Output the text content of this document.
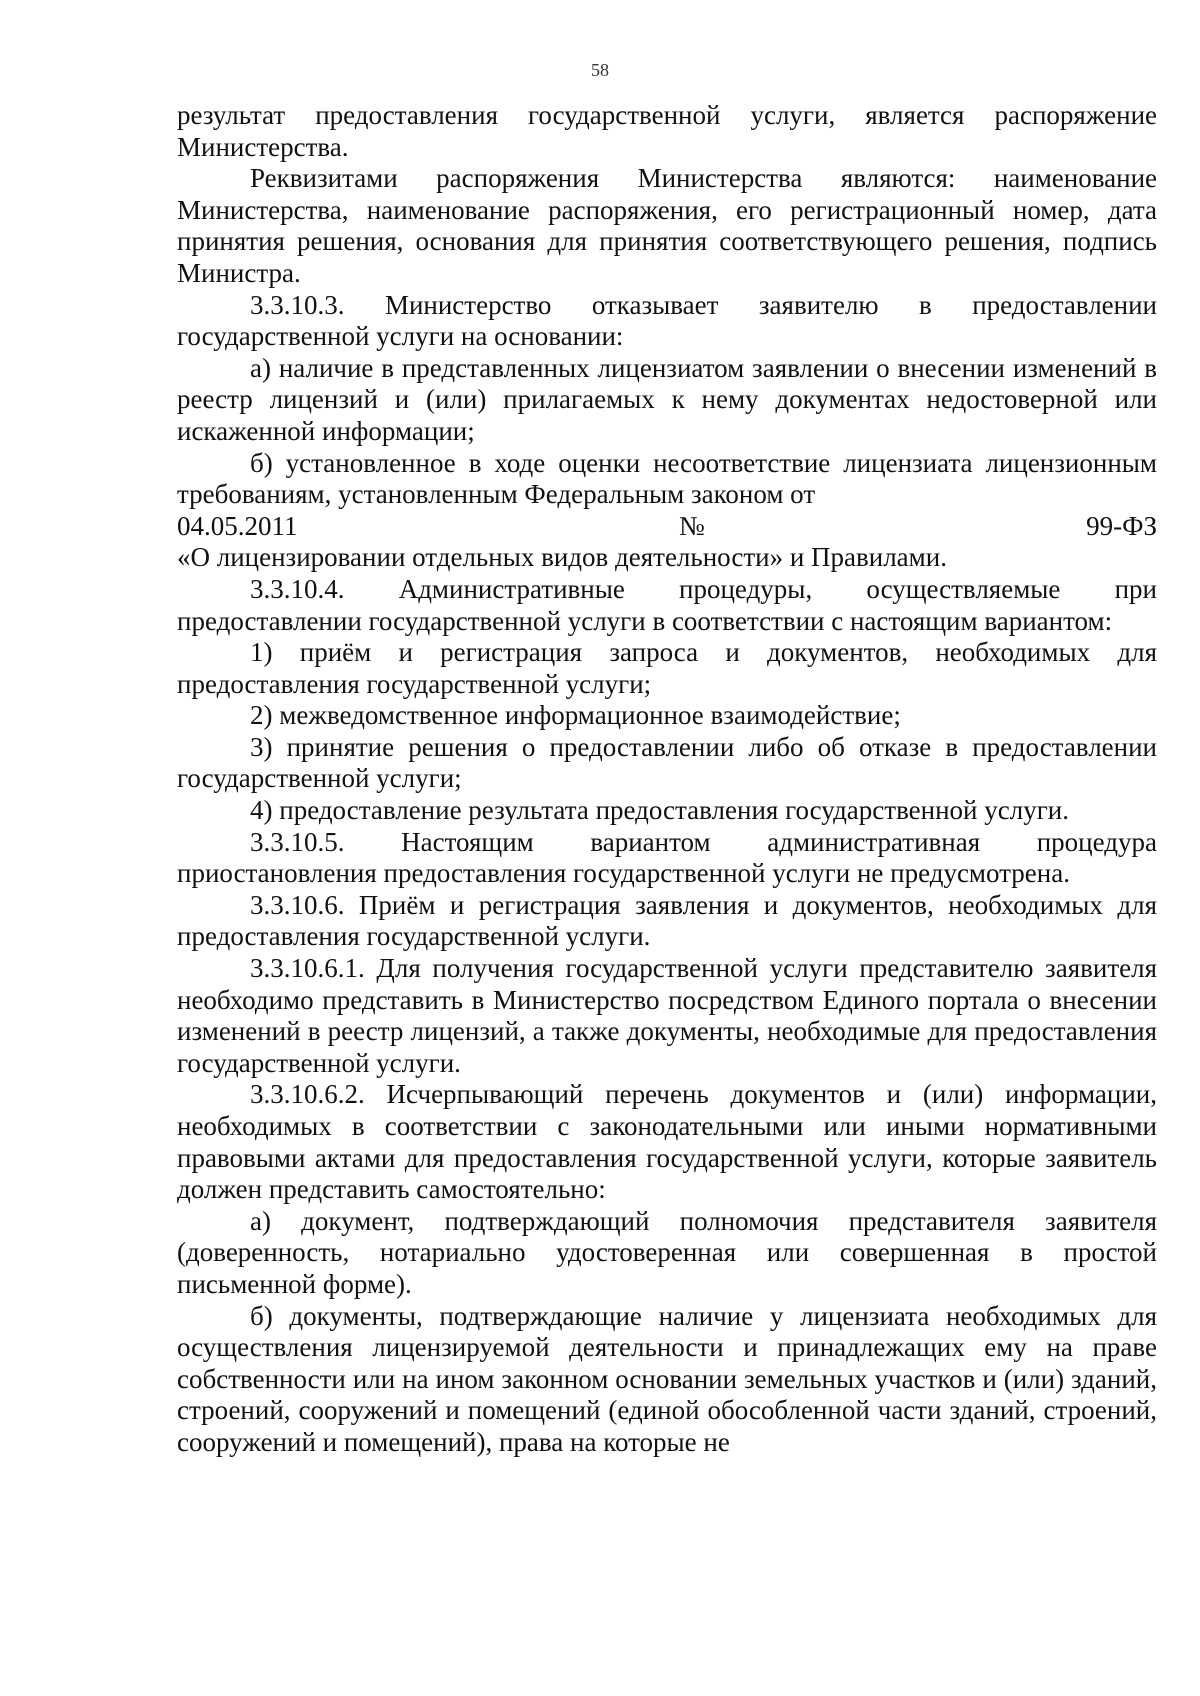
58

результат предоставления государственной услуги, является распоряжение Министерства.

Реквизитами распоряжения Министерства являются: наименование Министерства, наименование распоряжения, его регистрационный номер, дата принятия решения, основания для принятия соответствующего решения, подпись Министра.

3.3.10.3. Министерство отказывает заявителю в предоставлении государственной услуги на основании:

а) наличие в представленных лицензиатом заявлении о внесении изменений в реестр лицензий и (или) прилагаемых к нему документах недостоверной или искаженной информации;

б) установленное в ходе оценки несоответствие лицензиата лицензионным требованиям, установленным Федеральным законом от

04.05.2011	№	99-ФЗ

«О лицензировании отдельных видов деятельности» и Правилами.

3.3.10.4. Административные процедуры, осуществляемые при предоставлении государственной услуги в соответствии с настоящим вариантом:

1) приём и регистрация запроса и документов, необходимых для предоставления государственной услуги;

2) межведомственное информационное взаимодействие;

3) принятие решения о предоставлении либо об отказе в предоставлении государственной услуги;

4) предоставление результата предоставления государственной услуги.

3.3.10.5. Настоящим вариантом административная процедура приостановления предоставления государственной услуги не предусмотрена.

3.3.10.6. Приём и регистрация заявления и документов, необходимых для предоставления государственной услуги.

3.3.10.6.1. Для получения государственной услуги представителю заявителя необходимо представить в Министерство посредством Единого портала о внесении изменений в реестр лицензий, а также документы, необходимые для предоставления государственной услуги.

3.3.10.6.2. Исчерпывающий перечень документов и (или) информации, необходимых в соответствии с законодательными или иными нормативными правовыми актами для предоставления государственной услуги, которые заявитель должен представить самостоятельно:

а) документ, подтверждающий полномочия представителя заявителя (доверенность, нотариально удостоверенная или совершенная в простой письменной форме).

б) документы, подтверждающие наличие у лицензиата необходимых для осуществления лицензируемой деятельности и принадлежащих ему на праве собственности или на ином законном основании земельных участков и (или) зданий, строений, сооружений и помещений (единой обособленной части зданий, строений, сооружений и помещений), права на которые не
